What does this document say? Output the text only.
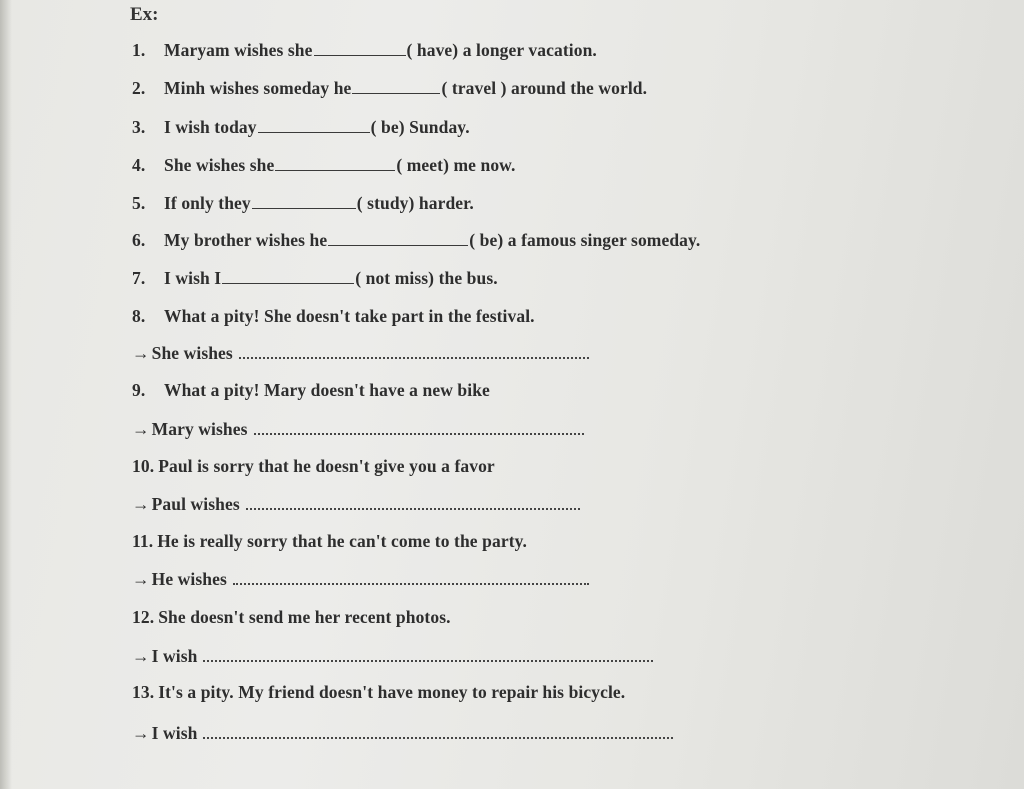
Ex:
1. Maryam wishes she	( have) a longer vacation.
2. Minh wishes someday he	( travel ) around the world.
3. I wish today	( be) Sunday.
4. She wishes she	( meet) me now.
5. If only they	( study) harder.
6. My brother wishes he	( be) a famous singer someday.
7. I wish I	( not miss) the bus.
8. What a pity! She doesn't take part in the festival.
→ She wishes
9. What a pity! Mary doesn't have a new bike
→ Mary wishes
10. Paul is sorry that he doesn't give you a favor
→ Paul wishes
11. He is really sorry that he can't come to the party.
→ He wishes
12. She doesn't send me her recent photos.
→ I wish
13. It's a pity. My friend doesn't have money to repair his bicycle.
→ I wish
